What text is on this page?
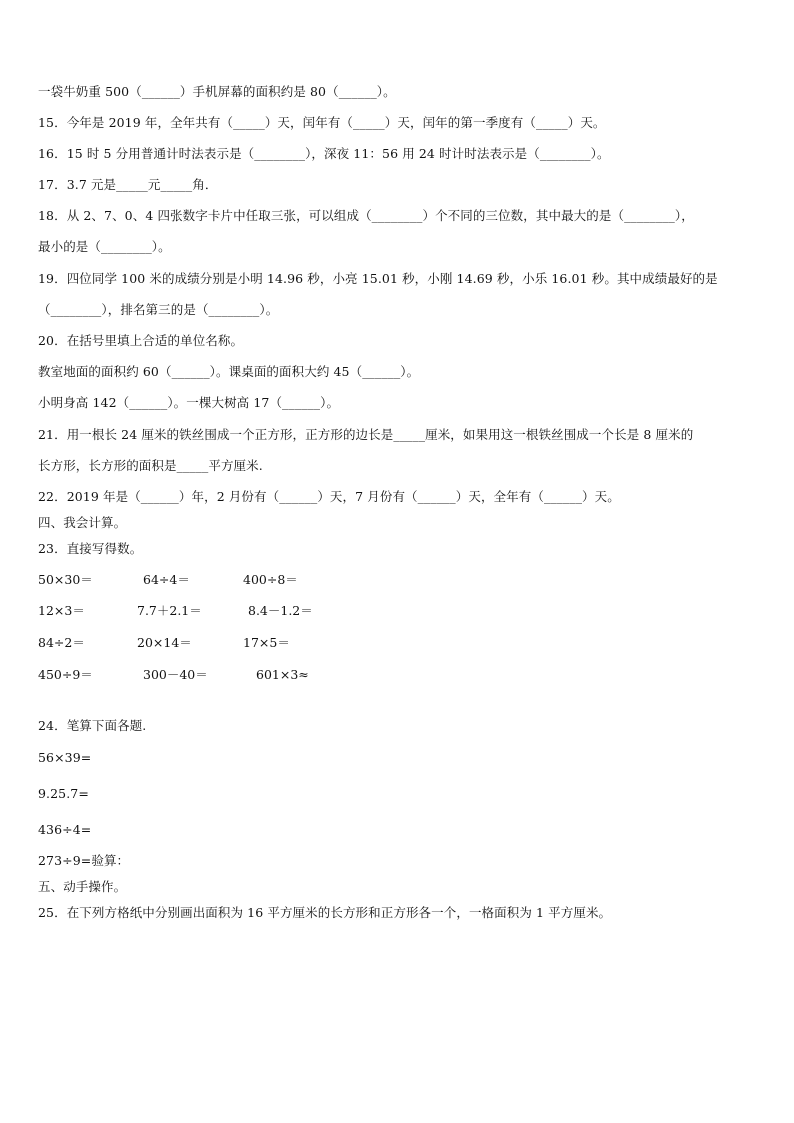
一袋牛奶重 500（______）手机屏幕的面积约是 80（______）。
15．今年是 2019 年，全年共有（_____）天，闰年有（_____）天，闰年的第一季度有（_____）天。
16．15 时 5 分用普通计时法表示是（________），深夜 11：56 用 24 时计时法表示是（________）。
17．3.7 元是_____元_____角．
18．从 2、7、0、4 四张数字卡片中任取三张，可以组成（________）个不同的三位数，其中最大的是（________），
最小的是（________）。
19．四位同学 100 米的成绩分别是小明 14.96 秒，小亮 15.01 秒，小刚 14.69 秒，小乐 16.01 秒。其中成绩最好的是
（________），排名第三的是（________）。
20．在括号里填上合适的单位名称。
教室地面的面积约 60（______）。课桌面的面积大约 45（______）。
小明身高 142（______）。一棵大树高 17（______）。
21．用一根长 24 厘米的铁丝围成一个正方形，正方形的边长是_____厘米，如果用这一根铁丝围成一个长是 8 厘米的
长方形，长方形的面积是_____平方厘米.
22．2019 年是（______）年，2 月份有（______）天，7 月份有（______）天，全年有（______）天。
四、我会计算。
23．直接写得数。
50×30＝	64÷4＝	400÷8＝
12×3＝	7.7＋2.1＝	8.4－1.2＝
84÷2＝	20×14＝	17×5＝
450÷9＝	300－40＝	601×3≈
24．笔算下面各题.
56×39=
9.25.7=
436÷4=
273÷9=验算：
五、动手操作。
25．在下列方格纸中分别画出面积为 16 平方厘米的长方形和正方形各一个，一格面积为 1 平方厘米。
